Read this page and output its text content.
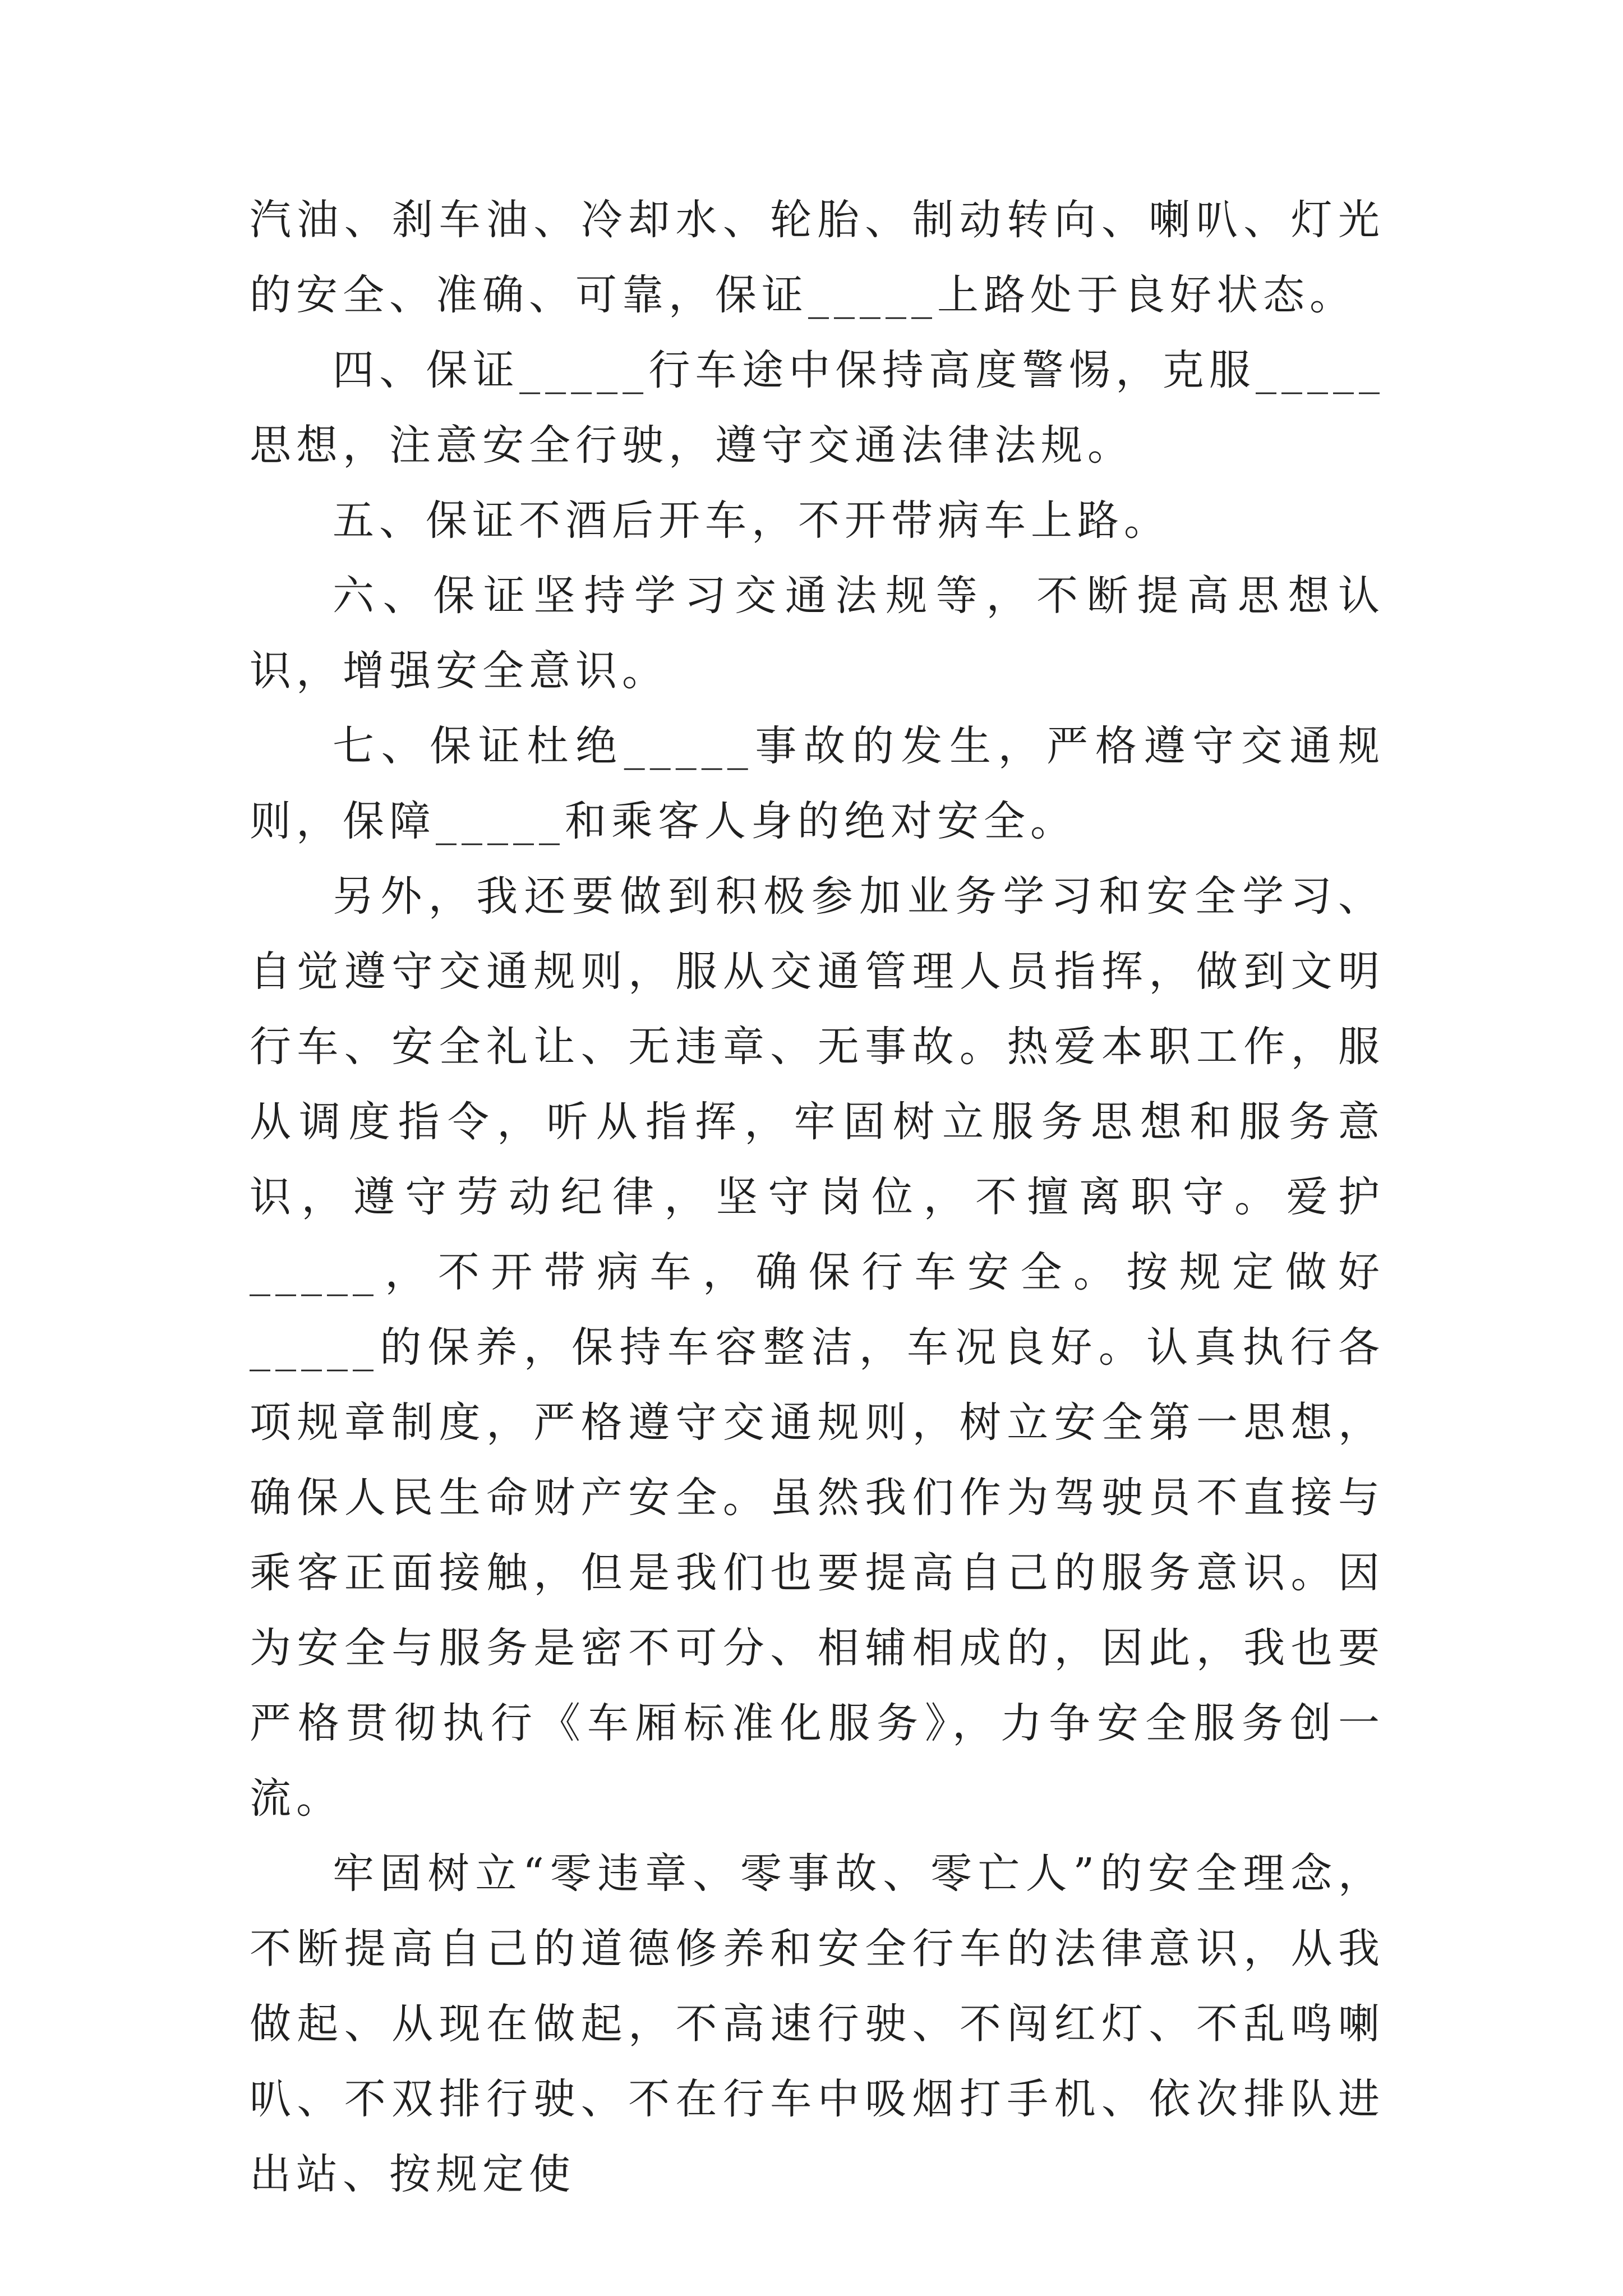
汽油、刹车油、冷却水、轮胎、制动转向、喇叭、灯光的安全、准确、可靠，保证_____上路处于良好状态。

四、保证_____行车途中保持高度警惕，克服_____思想，注意安全行驶，遵守交通法律法规。

五、保证不酒后开车，不开带病车上路。

六、保证坚持学习交通法规等，不断提高思想认识，增强安全意识。

七、保证杜绝_____事故的发生，严格遵守交通规则，保障_____和乘客人身的绝对安全。

另外，我还要做到积极参加业务学习和安全学习、自觉遵守交通规则，服从交通管理人员指挥，做到文明行车、安全礼让、无违章、无事故。热爱本职工作，服从调度指令，听从指挥，牢固树立服务思想和服务意识，遵守劳动纪律，坚守岗位，不擅离职守。爱护_____，不开带病车，确保行车安全。按规定做好_____的保养，保持车容整洁，车况良好。认真执行各项规章制度，严格遵守交通规则，树立安全第一思想，确保人民生命财产安全。虽然我们作为驾驶员不直接与乘客正面接触，但是我们也要提高自己的服务意识。因为安全与服务是密不可分、相辅相成的，因此，我也要严格贯彻执行《车厢标准化服务》，力争安全服务创一流。

牢固树立“零违章、零事故、零亡人”的安全理念，不断提高自己的道德修养和安全行车的法律意识，从我做起、从现在做起，不高速行驶、不闯红灯、不乱鸣喇叭、不双排行驶、不在行车中吸烟打手机、依次排队进出站、按规定使
